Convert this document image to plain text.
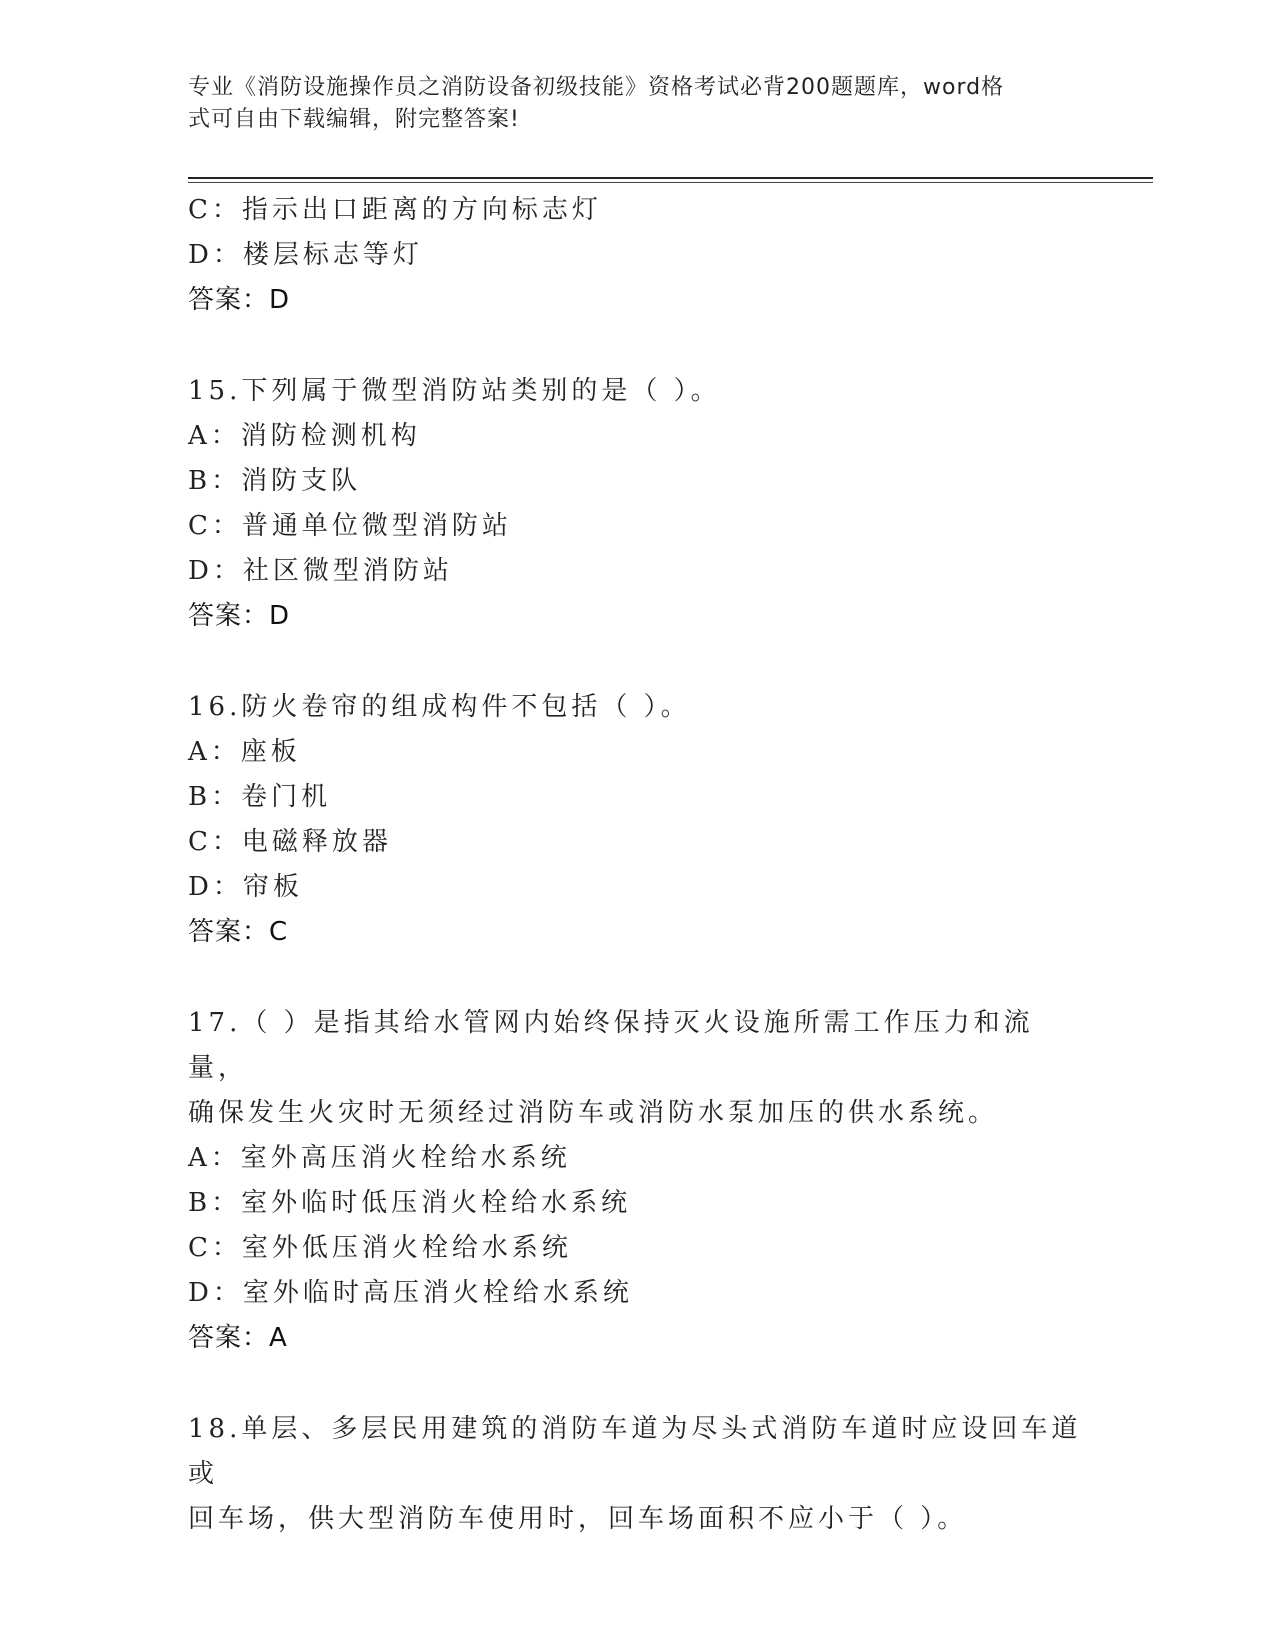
专业《消防设施操作员之消防设备初级技能》资格考试必背200题题库，word格
式可自由下载编辑，附完整答案!
C：指示出口距离的方向标志灯
D：楼层标志等灯
答案：D
15.下列属于微型消防站类别的是（ ）。
A：消防检测机构
B：消防支队
C：普通单位微型消防站
D：社区微型消防站
答案：D
16.防火卷帘的组成构件不包括（ ）。
A：座板
B：卷门机
C：电磁释放器
D：帘板
答案：C
17.（ ）是指其给水管网内始终保持灭火设施所需工作压力和流量，
确保发生火灾时无须经过消防车或消防水泵加压的供水系统。
A：室外高压消火栓给水系统
B：室外临时低压消火栓给水系统
C：室外低压消火栓给水系统
D：室外临时高压消火栓给水系统
答案：A
18.单层、多层民用建筑的消防车道为尽头式消防车道时应设回车道或
回车场，供大型消防车使用时，回车场面积不应小于（ ）。
